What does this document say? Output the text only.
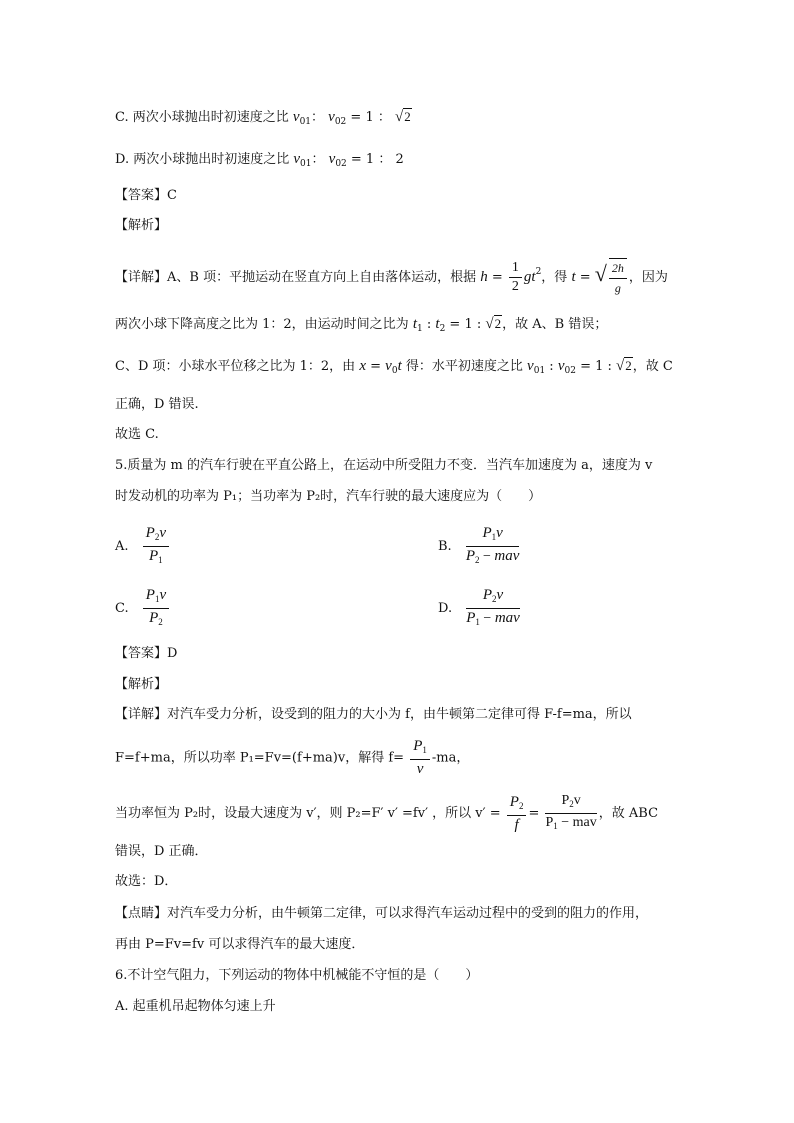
C. 两次小球抛出时初速度之比 $v_{01}$： $v_{02} = 1$ ： √2
D. 两次小球抛出时初速度之比 $v_{01}$： $v_{02} = 1$ ： 2
【答案】C
【解析】
【详解】A、B 项：平抛运动在竖直方向上自由落体运动，根据 $h = \frac{1}{2} gt^2$，得 t = √ $\frac{2h}{g}$ ，因为
两次小球下降高度之比为 1：2，由运动时间之比为 $t_1$ : $t_2 = 1$ : √2，故 A、B 错误；
C、D 项：小球水平位移之比为 1：2，由 $x = v_0t$ 得：水平初速度之比 $v_{01}$ : $v_{02} = 1$ : √2，故 C
正确，D 错误.
故选 C.
5.质量为 m 的汽车行驶在平直公路上，在运动中所受阻力不变．当汽车加速度为 a，速度为 v
时发动机的功率为 P₁；当功率为 P₂时，汽车行驶的最大速度应为（　　）
A. $\frac{P_2v}{P_1}$	B. $\frac{P_1v}{P_2 - mav}$
C. $\frac{P_1v}{P_2}$	D. $\frac{P_2v}{P_1 - mav}$
【答案】D
【解析】
【详解】对汽车受力分析，设受到的阻力的大小为 f，由牛顿第二定律可得 F-f=ma，所以
F=f+ma，所以功率 P₁=Fv=(f+ma)v，解得 $f= \frac{P_1}{v} -ma$，
当功率恒为 P₂时，设最大速度为 v′，则 P₂=F′ v′ =fv′ ，所以 $v' = \frac{P_2}{f} = \frac{P_2v}{P_1 - mav}$ ，故 ABC
错误，D 正确．
故选：D．
【点睛】对汽车受力分析，由牛顿第二定律，可以求得汽车运动过程中的受到的阻力的作用，
再由 P=Fv=fv 可以求得汽车的最大速度．
6.不计空气阻力，下列运动的物体中机械能不守恒的是（　　）
A. 起重机吊起物体匀速上升
